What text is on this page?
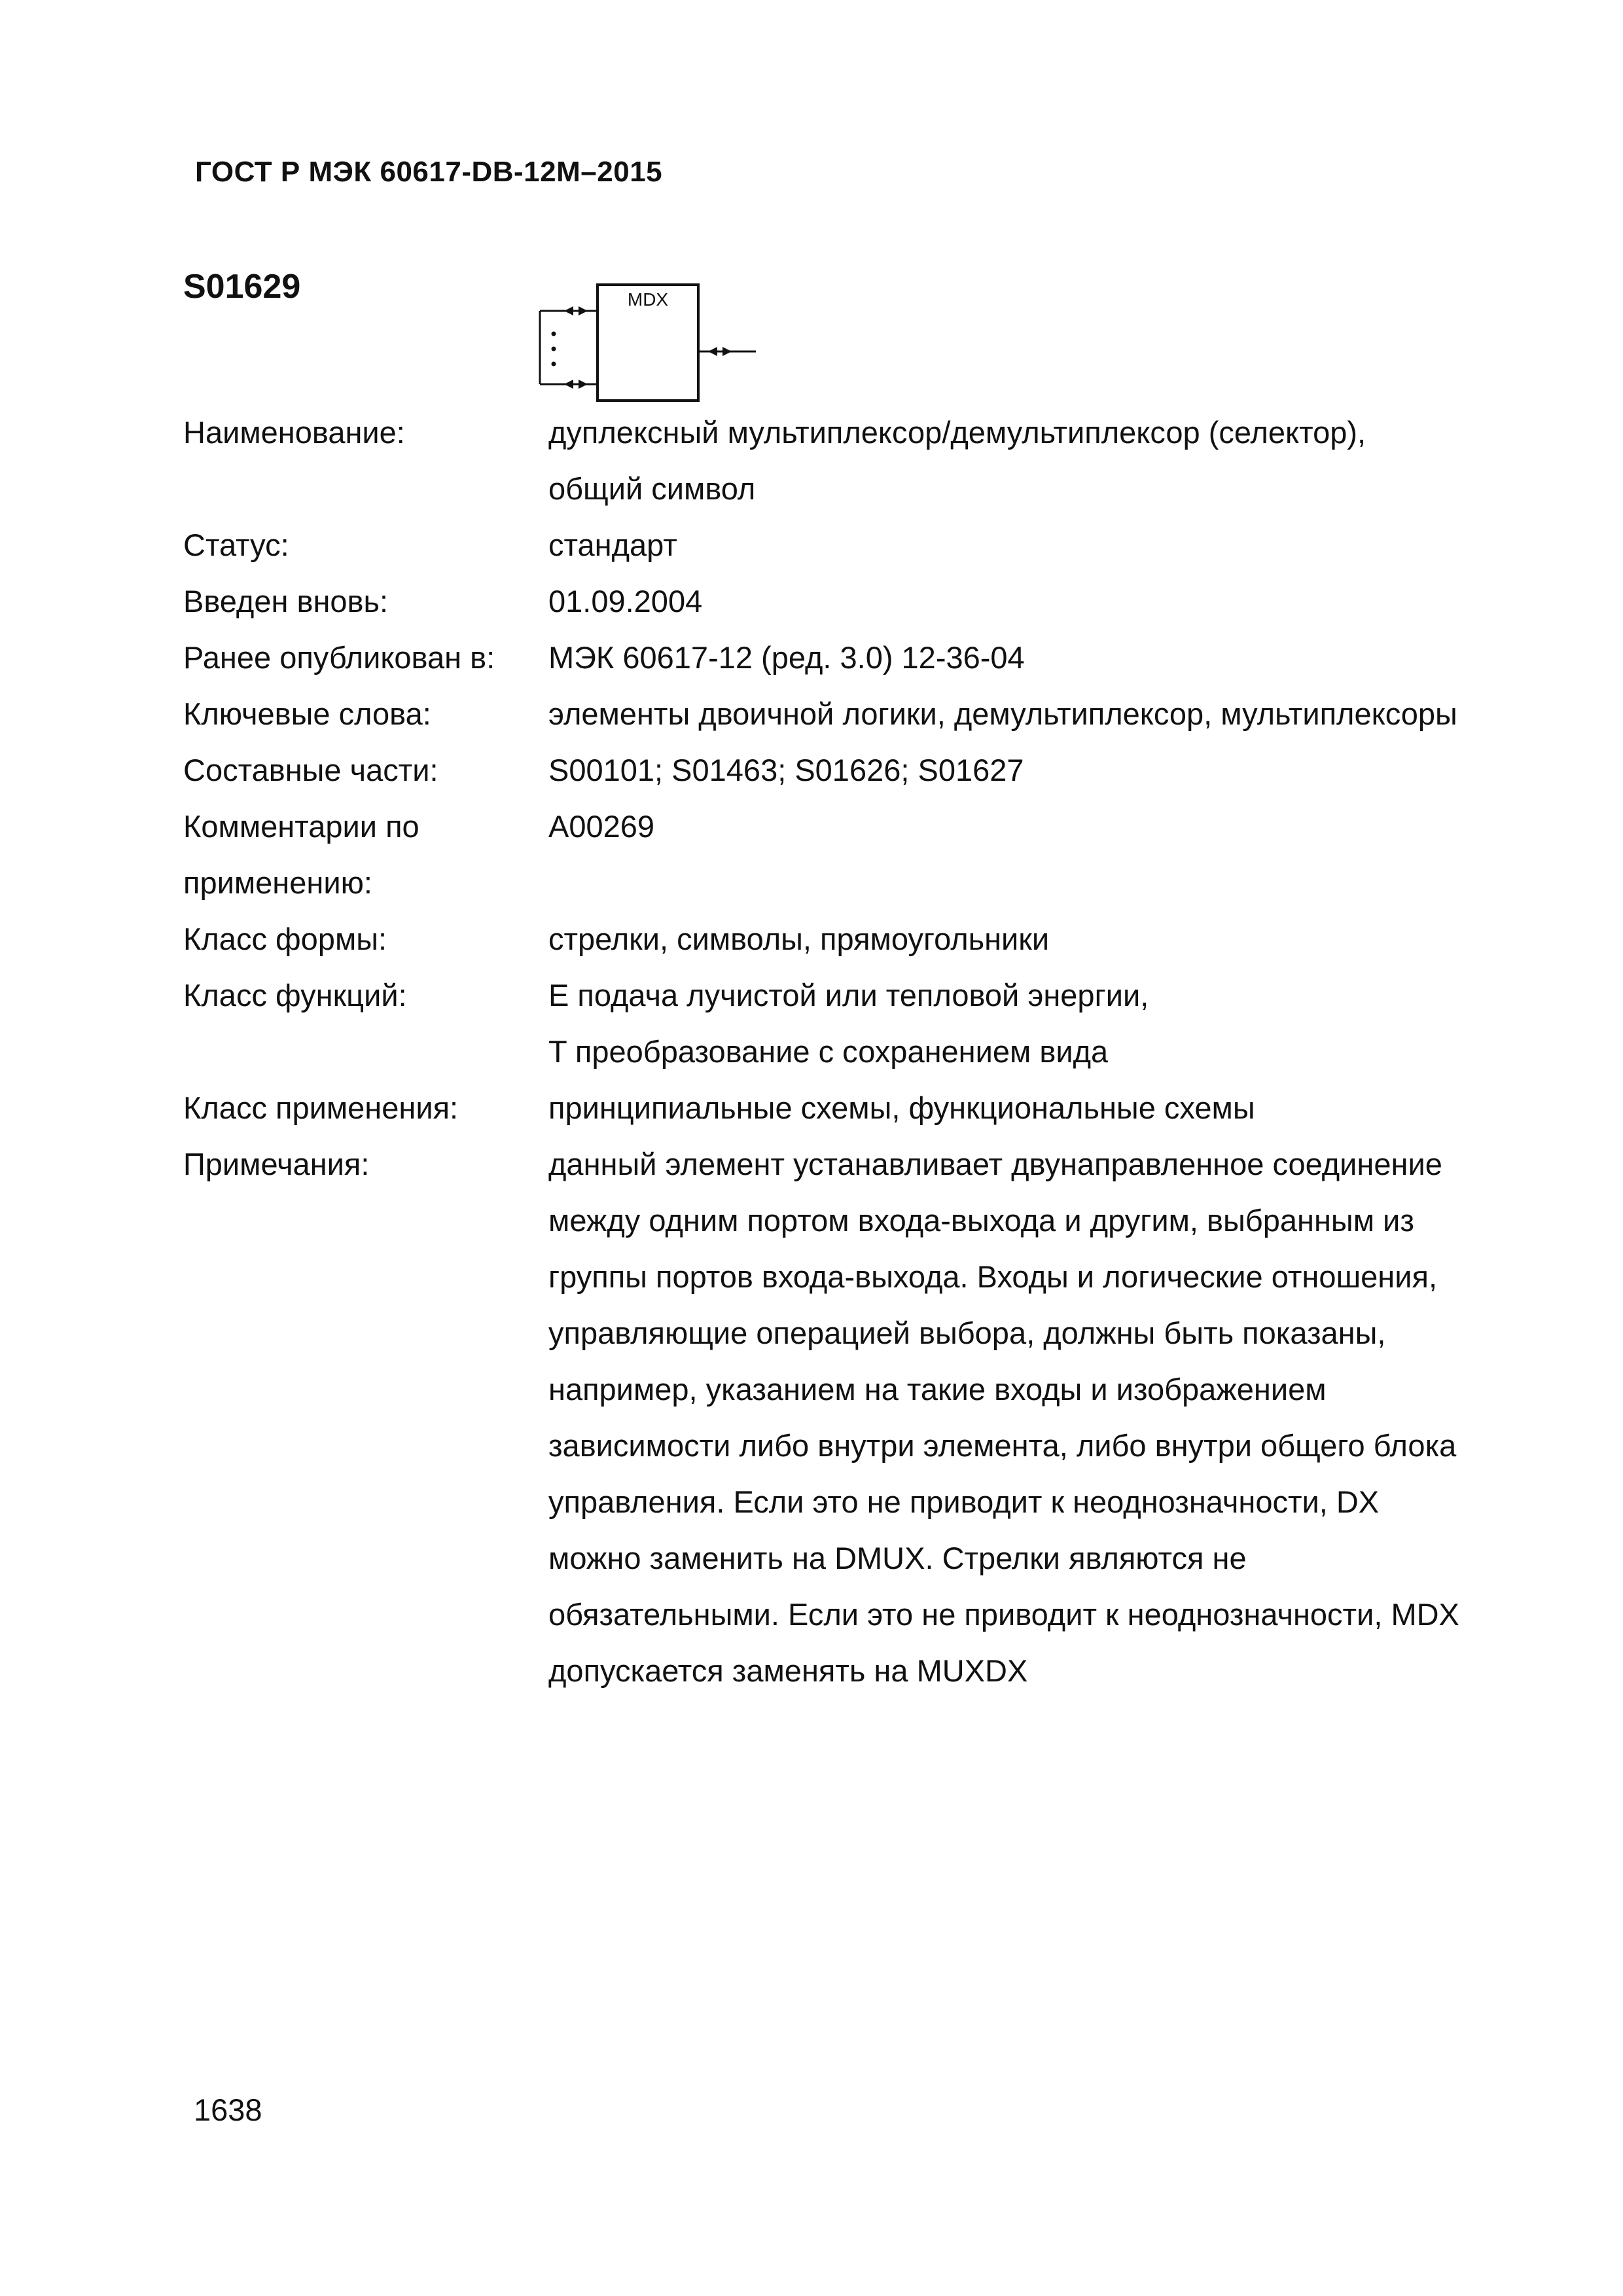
ГОСТ Р МЭК 60617-DB-12M–2015
S01629	MDX
Наименование:	дуплексный мультиплексор/демультиплексор (селектор),
общий символ
Статус:	стандарт
Введен вновь:	01.09.2004
Ранее опубликован в:	МЭК 60617-12 (ред. 3.0) 12-36-04
Ключевые слова:	элементы двоичной логики, демультиплексор, мультиплексоры
Составные части:	S00101; S01463; S01626; S01627
Комментарии по применению:
A00269
Класс формы:	стрелки, символы, прямоугольники
Класс функций:	E подача лучистой или тепловой энергии,
T преобразование с сохранением вида
Класс применения:	принципиальные схемы, функциональные схемы
Примечания:	данный элемент устанавливает двунаправленное соединение
между одним портом входа-выхода и другим, выбранным из
группы портов входа-выхода. Входы и логические отношения,
управляющие операцией выбора, должны быть показаны,
например, указанием на такие входы и изображением
зависимости либо внутри элемента, либо внутри общего блока
управления. Если это не приводит к неоднозначности, DX
можно заменить на DMUX. Стрелки являются не
обязательными. Если это не приводит к неоднозначности, MDX
допускается заменять на MUXDX
1638
